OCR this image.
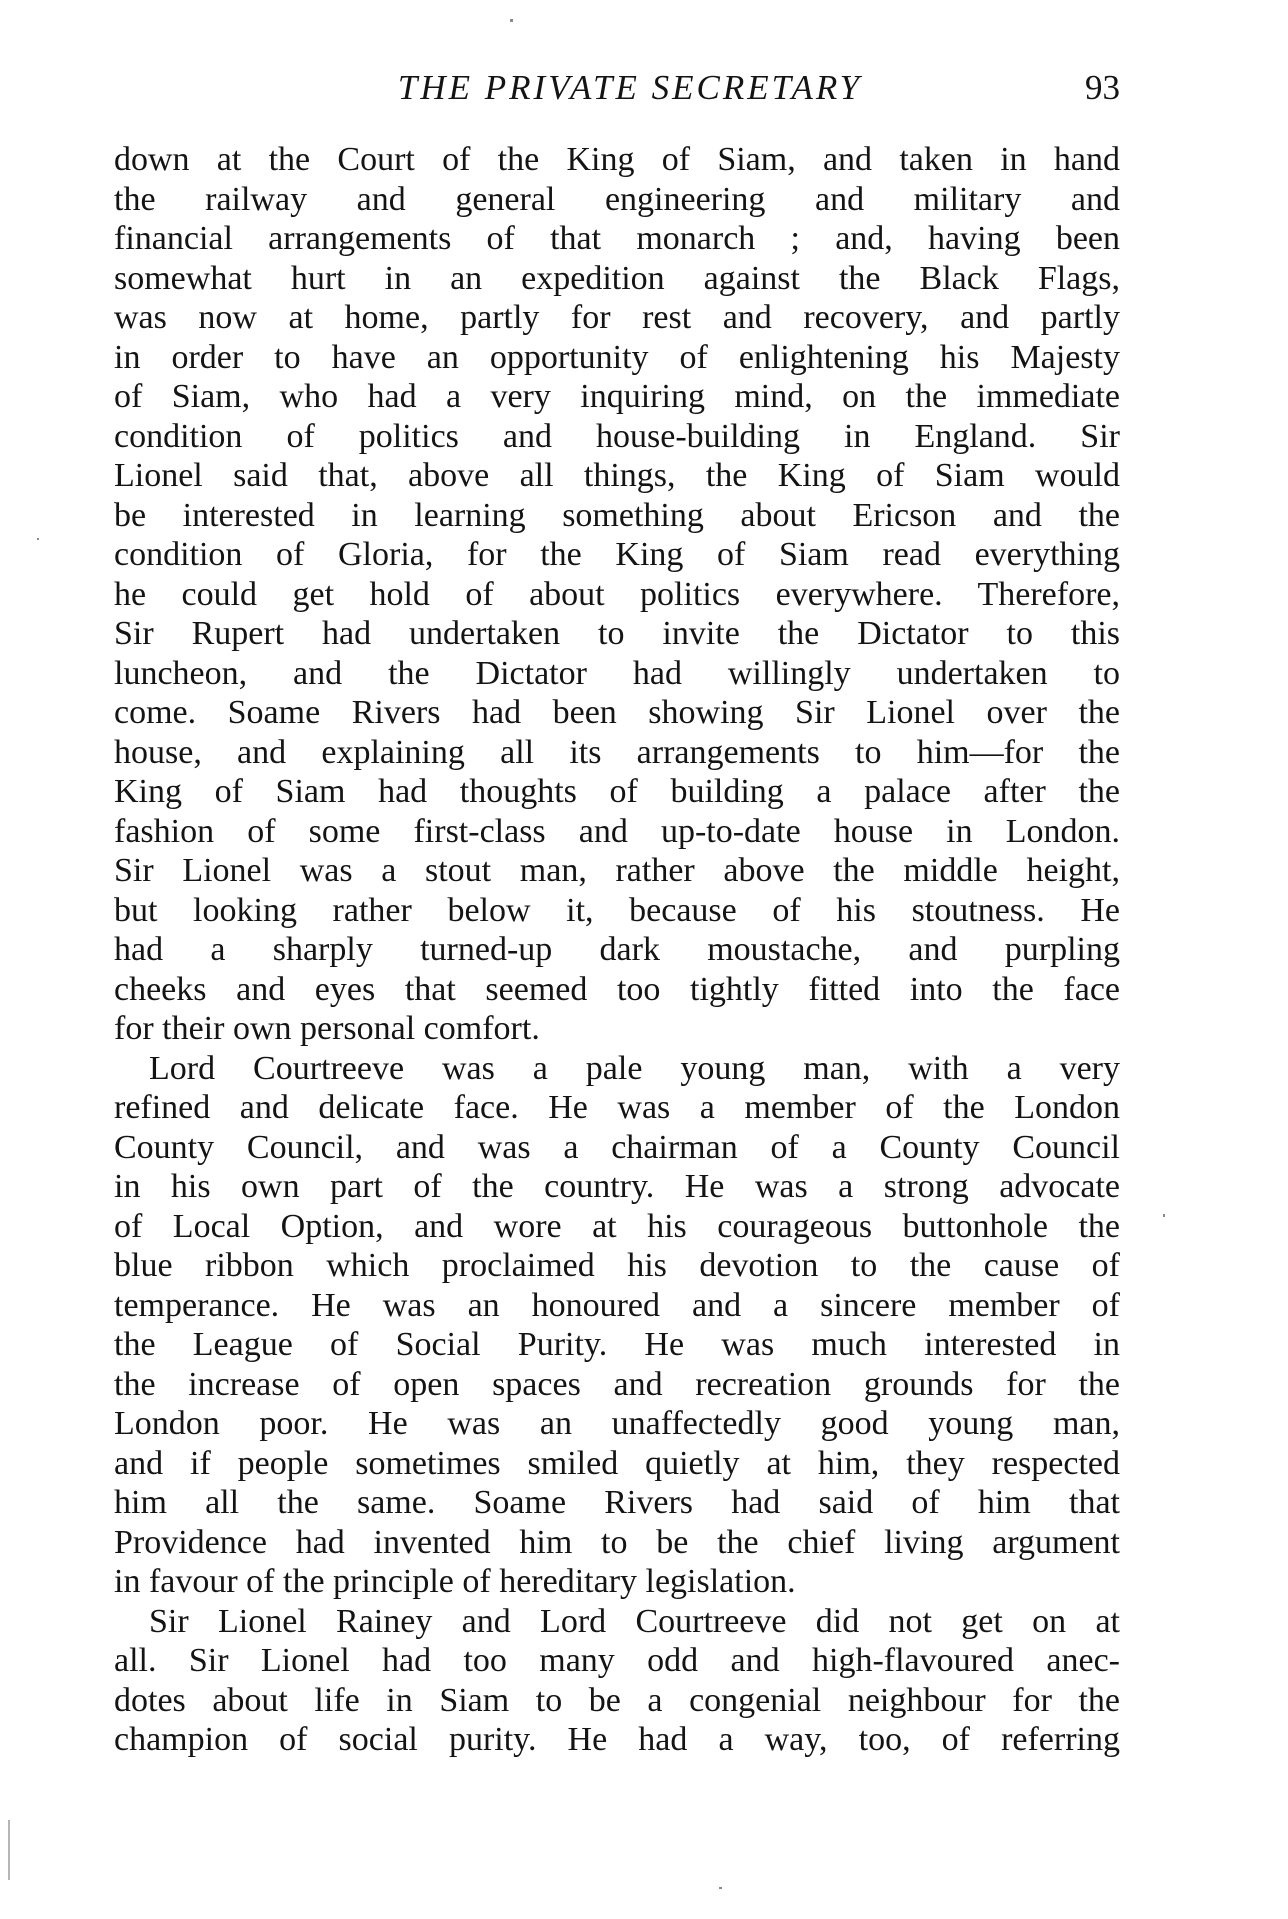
THE PRIVATE SECRETARY	93
down at the Court of the King of Siam, and taken in hand
the railway and general engineering and military and
financial arrangements of that monarch ; and, having been
somewhat hurt in an expedition against the Black Flags,
was now at home, partly for rest and recovery, and partly
in order to have an opportunity of enlightening his Majesty
of Siam, who had a very inquiring mind, on the immediate
condition of politics and house-building in England. Sir
Lionel said that, above all things, the King of Siam would
be interested in learning something about Ericson and the
condition of Gloria, for the King of Siam read everything
he could get hold of about politics everywhere. Therefore,
Sir Rupert had undertaken to invite the Dictator to this
luncheon, and the Dictator had willingly undertaken to
come. Soame Rivers had been showing Sir Lionel over the
house, and explaining all its arrangements to him—for the
King of Siam had thoughts of building a palace after the
fashion of some first-class and up-to-date house in London.
Sir Lionel was a stout man, rather above the middle height,
but looking rather below it, because of his stoutness. He
had a sharply turned-up dark moustache, and purpling
cheeks and eyes that seemed too tightly fitted into the face
for their own personal comfort.
Lord Courtreeve was a pale young man, with a very
refined and delicate face. He was a member of the London
County Council, and was a chairman of a County Council
in his own part of the country. He was a strong advocate
of Local Option, and wore at his courageous buttonhole the
blue ribbon which proclaimed his devotion to the cause of
temperance. He was an honoured and a sincere member of
the League of Social Purity. He was much interested in
the increase of open spaces and recreation grounds for the
London poor. He was an unaffectedly good young man,
and if people sometimes smiled quietly at him, they respected
him all the same. Soame Rivers had said of him that
Providence had invented him to be the chief living argument
in favour of the principle of hereditary legislation.
Sir Lionel Rainey and Lord Courtreeve did not get on at
all. Sir Lionel had too many odd and high-flavoured anec-
dotes about life in Siam to be a congenial neighbour for the
champion of social purity. He had a way, too, of referring
